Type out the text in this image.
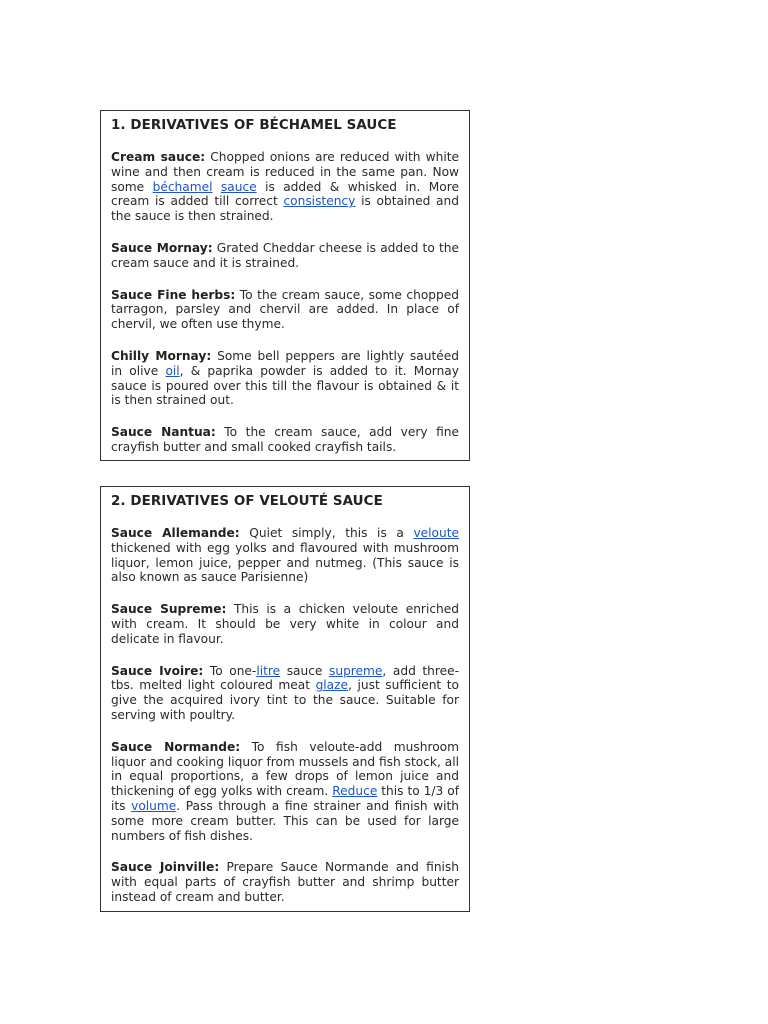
1. DERIVATIVES OF BÉCHAMEL SAUCE

Cream sauce: Chopped onions are reduced with white wine and then cream is reduced in the same pan. Now some béchamel sauce is added & whisked in. More cream is added till correct consistency is obtained and the sauce is then strained.

Sauce Mornay: Grated Cheddar cheese is added to the cream sauce and it is strained.

Sauce Fine herbs: To the cream sauce, some chopped tarragon, parsley and chervil are added. In place of chervil, we often use thyme.

Chilly Mornay: Some bell peppers are lightly sautéed in olive oil, & paprika powder is added to it. Mornay sauce is poured over this till the flavour is obtained & it is then strained out.

Sauce Nantua: To the cream sauce, add very fine crayfish butter and small cooked crayfish tails.

2. DERIVATIVES OF VELOUTÉ SAUCE

Sauce Allemande: Quiet simply, this is a veloute thickened with egg yolks and flavoured with mushroom liquor, lemon juice, pepper and nutmeg. (This sauce is also known as sauce Parisienne)

Sauce Supreme: This is a chicken veloute enriched with cream. It should be very white in colour and delicate in flavour.

Sauce Ivoire: To one-litre sauce supreme, add three-tbs. melted light coloured meat glaze, just sufficient to give the acquired ivory tint to the sauce. Suitable for serving with poultry.

Sauce Normande: To fish veloute-add mushroom liquor and cooking liquor from mussels and fish stock, all in equal proportions, a few drops of lemon juice and thickening of egg yolks with cream. Reduce this to 1/3 of its volume. Pass through a fine strainer and finish with some more cream butter. This can be used for large numbers of fish dishes.

Sauce Joinville: Prepare Sauce Normande and finish with equal parts of crayfish butter and shrimp butter instead of cream and butter.
